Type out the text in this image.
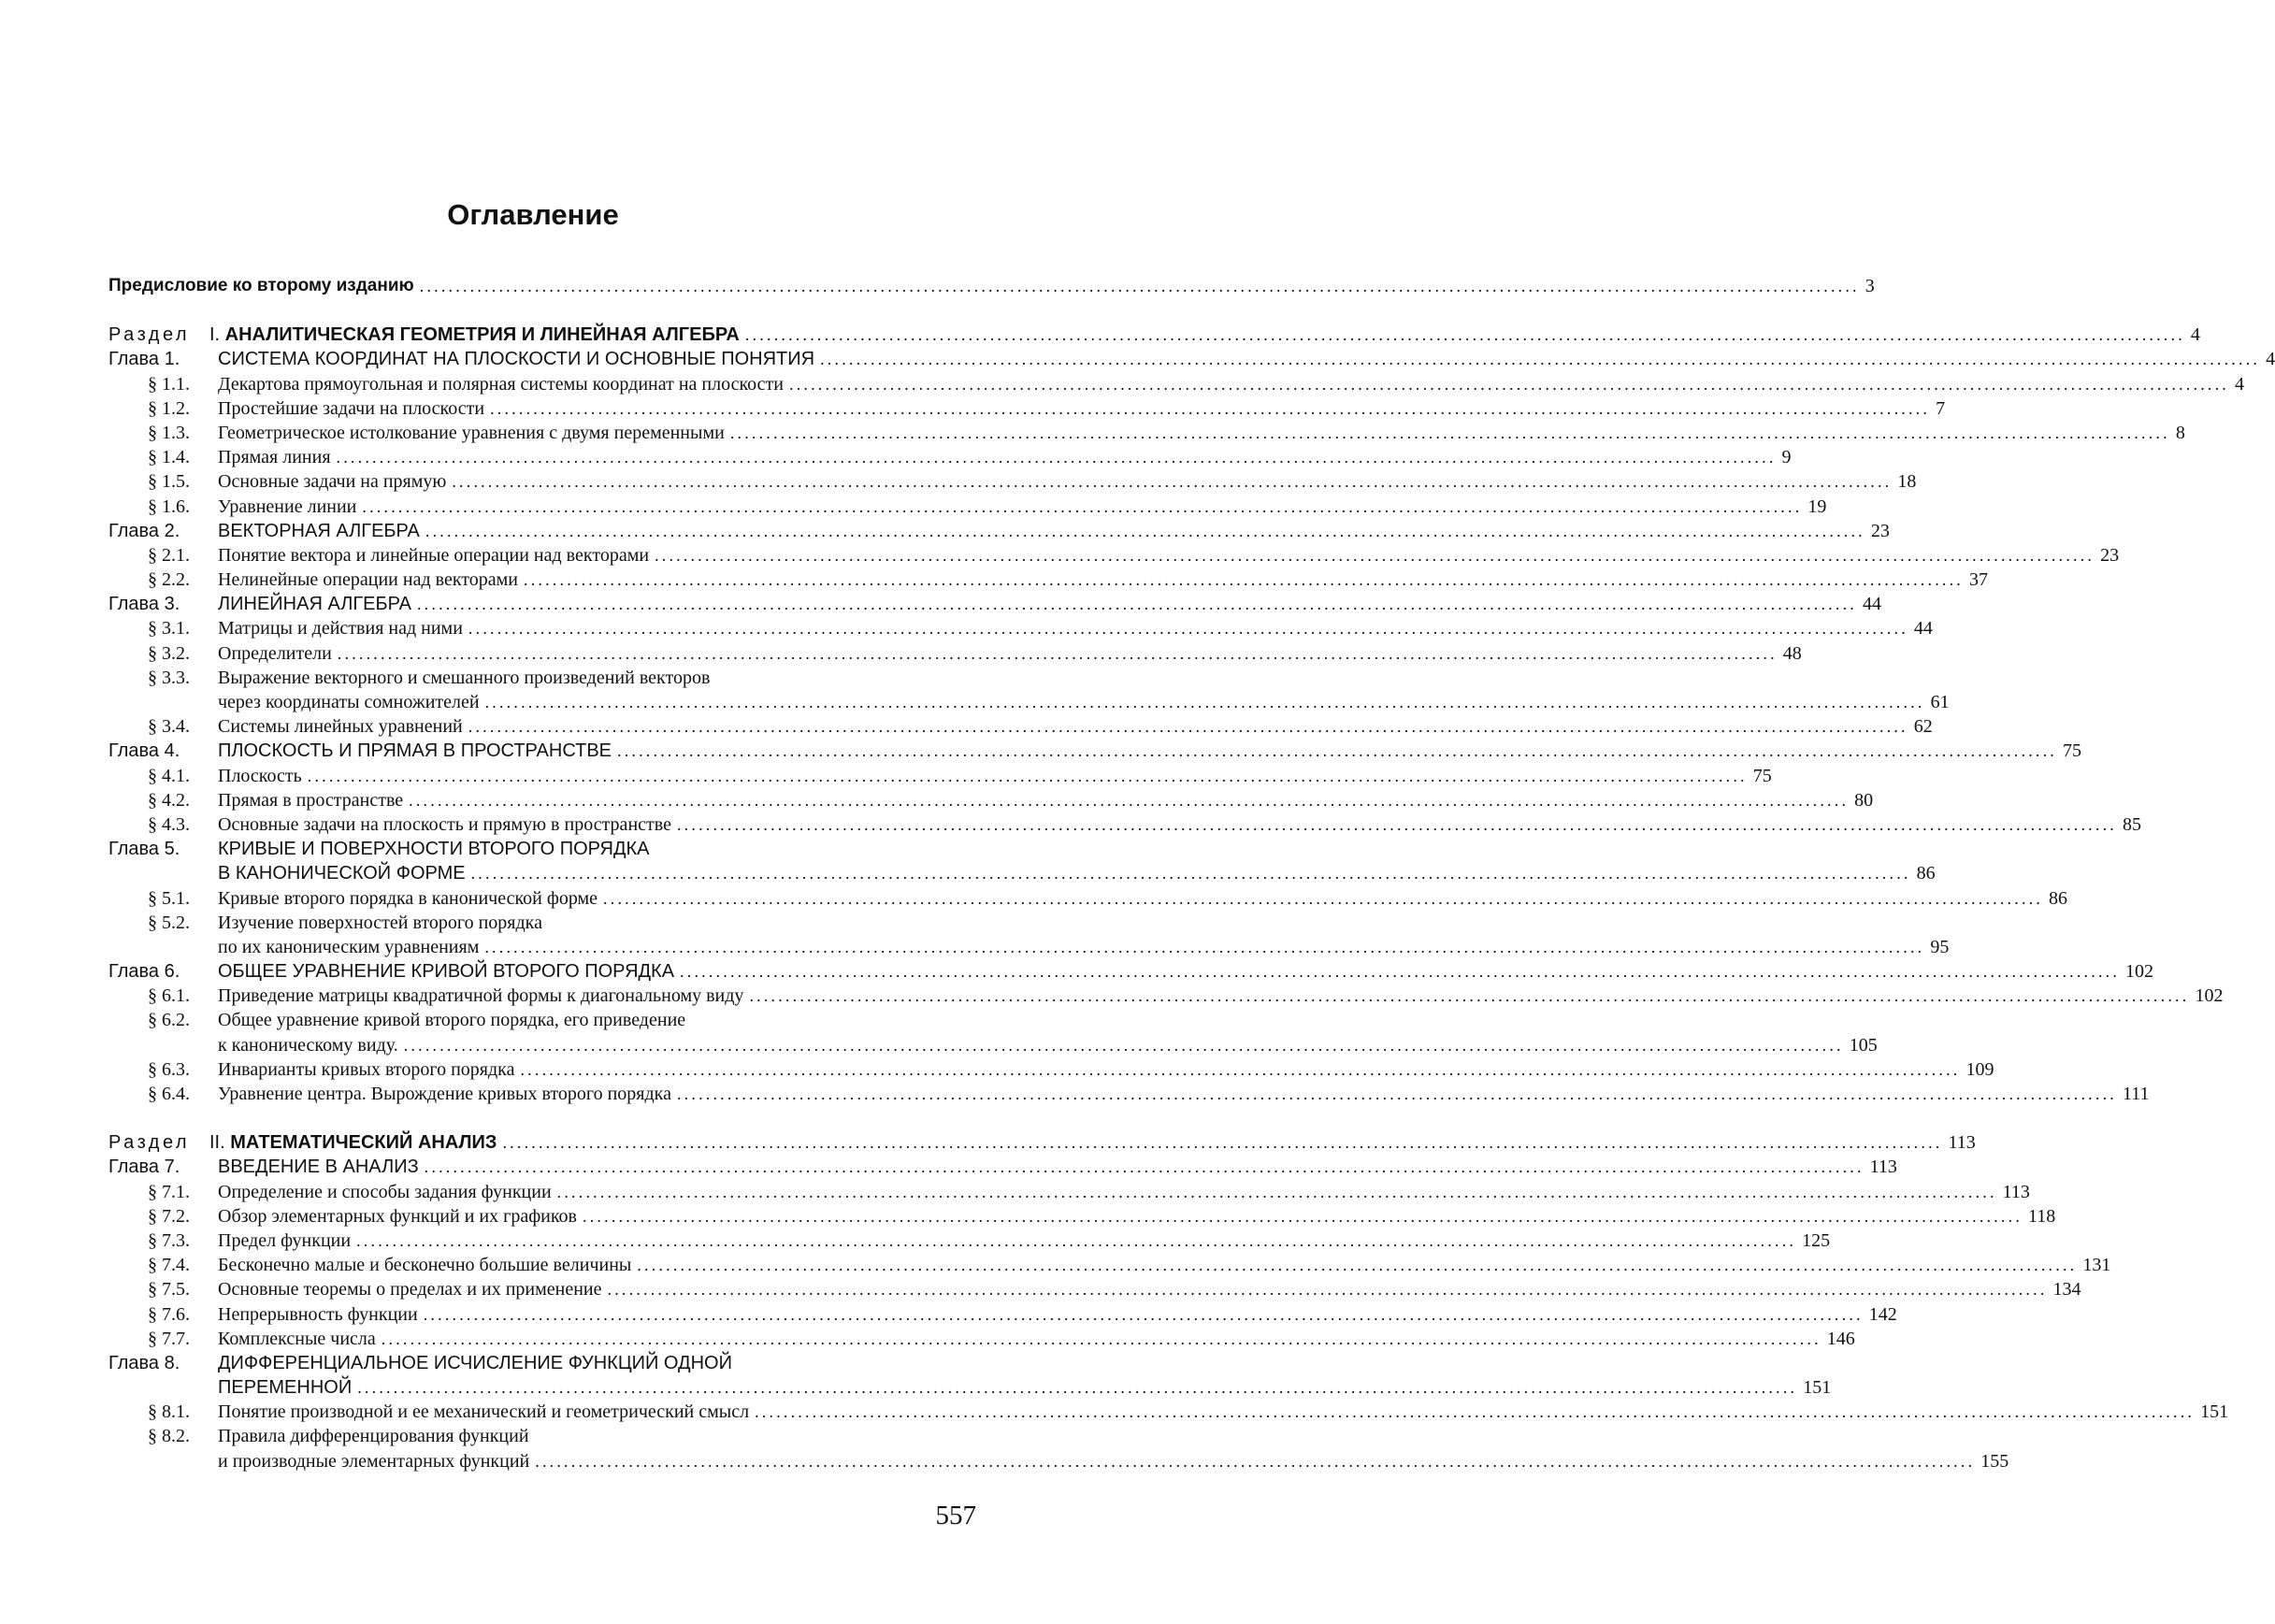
Оглавление
Предисловие ко второму изданию ........................................................................................................................................................................................................ 3
Раздел I. АНАЛИТИЧЕСКАЯ ГЕОМЕТРИЯ И ЛИНЕЙНАЯ АЛГЕБРА ........................................................................................................................................................................................................ 4
Глава 1. СИСТЕМА КООРДИНАТ НА ПЛОСКОСТИ И ОСНОВНЫЕ ПОНЯТИЯ ........................................................................................................................................................................................................ 4
§ 1.1. Декартова прямоугольная и полярная системы координат на плоскости ........................................................................................................................................................................................................ 4
§ 1.2. Простейшие задачи на плоскости ........................................................................................................................................................................................................ 7
§ 1.3. Геометрическое истолкование уравнения с двумя переменными ........................................................................................................................................................................................................ 8
§ 1.4. Прямая линия ........................................................................................................................................................................................................ 9
§ 1.5. Основные задачи на прямую ........................................................................................................................................................................................................ 18
§ 1.6. Уравнение линии ........................................................................................................................................................................................................ 19
Глава 2. ВЕКТОРНАЯ АЛГЕБРА ........................................................................................................................................................................................................ 23
§ 2.1. Понятие вектора и линейные операции над векторами ........................................................................................................................................................................................................ 23
§ 2.2. Нелинейные операции над векторами ........................................................................................................................................................................................................ 37
Глава 3. ЛИНЕЙНАЯ АЛГЕБРА ........................................................................................................................................................................................................ 44
§ 3.1. Матрицы и действия над ними ........................................................................................................................................................................................................ 44
§ 3.2. Определители ........................................................................................................................................................................................................ 48
§ 3.3. Выражение векторного и смешанного произведений векторов
через координаты сомножителей ........................................................................................................................................................................................................ 61
§ 3.4. Системы линейных уравнений ........................................................................................................................................................................................................ 62
Глава 4. ПЛОСКОСТЬ И ПРЯМАЯ В ПРОСТРАНСТВЕ ........................................................................................................................................................................................................ 75
§ 4.1. Плоскость ........................................................................................................................................................................................................ 75
§ 4.2. Прямая в пространстве ........................................................................................................................................................................................................ 80
§ 4.3. Основные задачи на плоскость и прямую в пространстве ........................................................................................................................................................................................................ 85
Глава 5. КРИВЫЕ И ПОВЕРХНОСТИ ВТОРОГО ПОРЯДКА
В КАНОНИЧЕСКОЙ ФОРМЕ ........................................................................................................................................................................................................ 86
§ 5.1. Кривые второго порядка в канонической форме ........................................................................................................................................................................................................ 86
§ 5.2. Изучение поверхностей второго порядка
по их каноническим уравнениям ........................................................................................................................................................................................................ 95
Глава 6. ОБЩЕЕ УРАВНЕНИЕ КРИВОЙ ВТОРОГО ПОРЯДКА ........................................................................................................................................................................................................ 102
§ 6.1. Приведение матрицы квадратичной формы к диагональному виду ........................................................................................................................................................................................................ 102
§ 6.2. Общее уравнение кривой второго порядка, его приведение
к каноническому виду. ........................................................................................................................................................................................................ 105
§ 6.3. Инварианты кривых второго порядка ........................................................................................................................................................................................................ 109
§ 6.4. Уравнение центра. Вырождение кривых второго порядка ........................................................................................................................................................................................................ 111
Раздел II. МАТЕМАТИЧЕСКИЙ АНАЛИЗ ........................................................................................................................................................................................................ 113
Глава 7. ВВЕДЕНИЕ В АНАЛИЗ ........................................................................................................................................................................................................ 113
§ 7.1. Определение и способы задания функции ........................................................................................................................................................................................................ 113
§ 7.2. Обзор элементарных функций и их графиков ........................................................................................................................................................................................................ 118
§ 7.3. Предел функции ........................................................................................................................................................................................................ 125
§ 7.4. Бесконечно малые и бесконечно большие величины ........................................................................................................................................................................................................ 131
§ 7.5. Основные теоремы о пределах и их применение ........................................................................................................................................................................................................ 134
§ 7.6. Непрерывность функции ........................................................................................................................................................................................................ 142
§ 7.7. Комплексные числа ........................................................................................................................................................................................................ 146
Глава 8. ДИФФЕРЕНЦИАЛЬНОЕ ИСЧИСЛЕНИЕ ФУНКЦИЙ ОДНОЙ
ПЕРЕМЕННОЙ ........................................................................................................................................................................................................ 151
§ 8.1. Понятие производной и ее механический и геометрический смысл ........................................................................................................................................................................................................ 151
§ 8.2. Правила дифференцирования функций
и производные элементарных функций ........................................................................................................................................................................................................ 155
557
